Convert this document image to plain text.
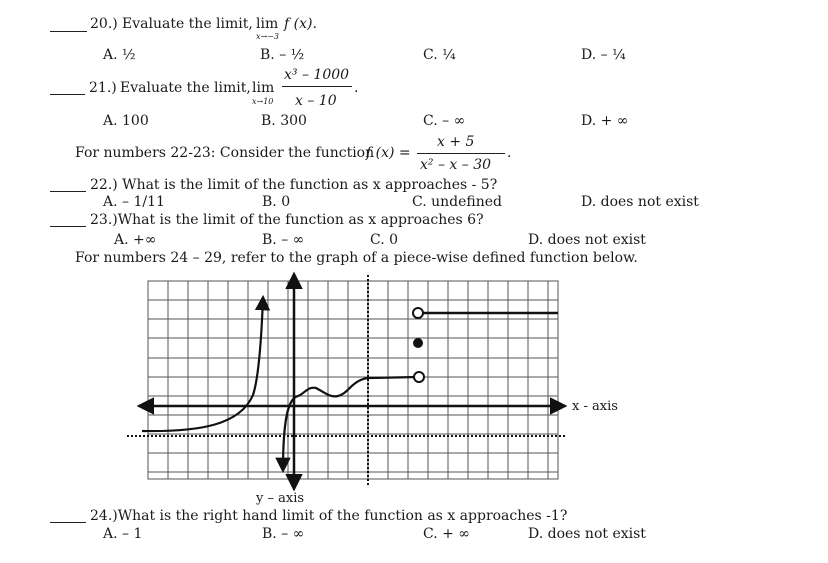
20.) Evaluate the limit, lim
x→−3
f (x).
A. ½	B. – ½	C. ¼	D. – ¼
21.) Evaluate the limit, lim
x→10
x³ – 1000
x – 10
.
A. 100	B. 300	C. – ∞	D. + ∞
For numbers 22-23: Consider the function
f (x) =
x + 5
x² – x – 30
.
22.) What is the limit of the function as x approaches - 5?
A. – 1/11	B. 0	C. undefined	D. does not exist
23.)What is the limit of the function as x approaches 6?
A. +∞	B. – ∞	C. 0	D. does not exist
For numbers 24 – 29, refer to the graph of a piece-wise defined function below.
x - axis
y – axis
24.)What is the right hand limit of the function as x approaches -1?
A. – 1	B. – ∞	C. + ∞	D. does not exist
